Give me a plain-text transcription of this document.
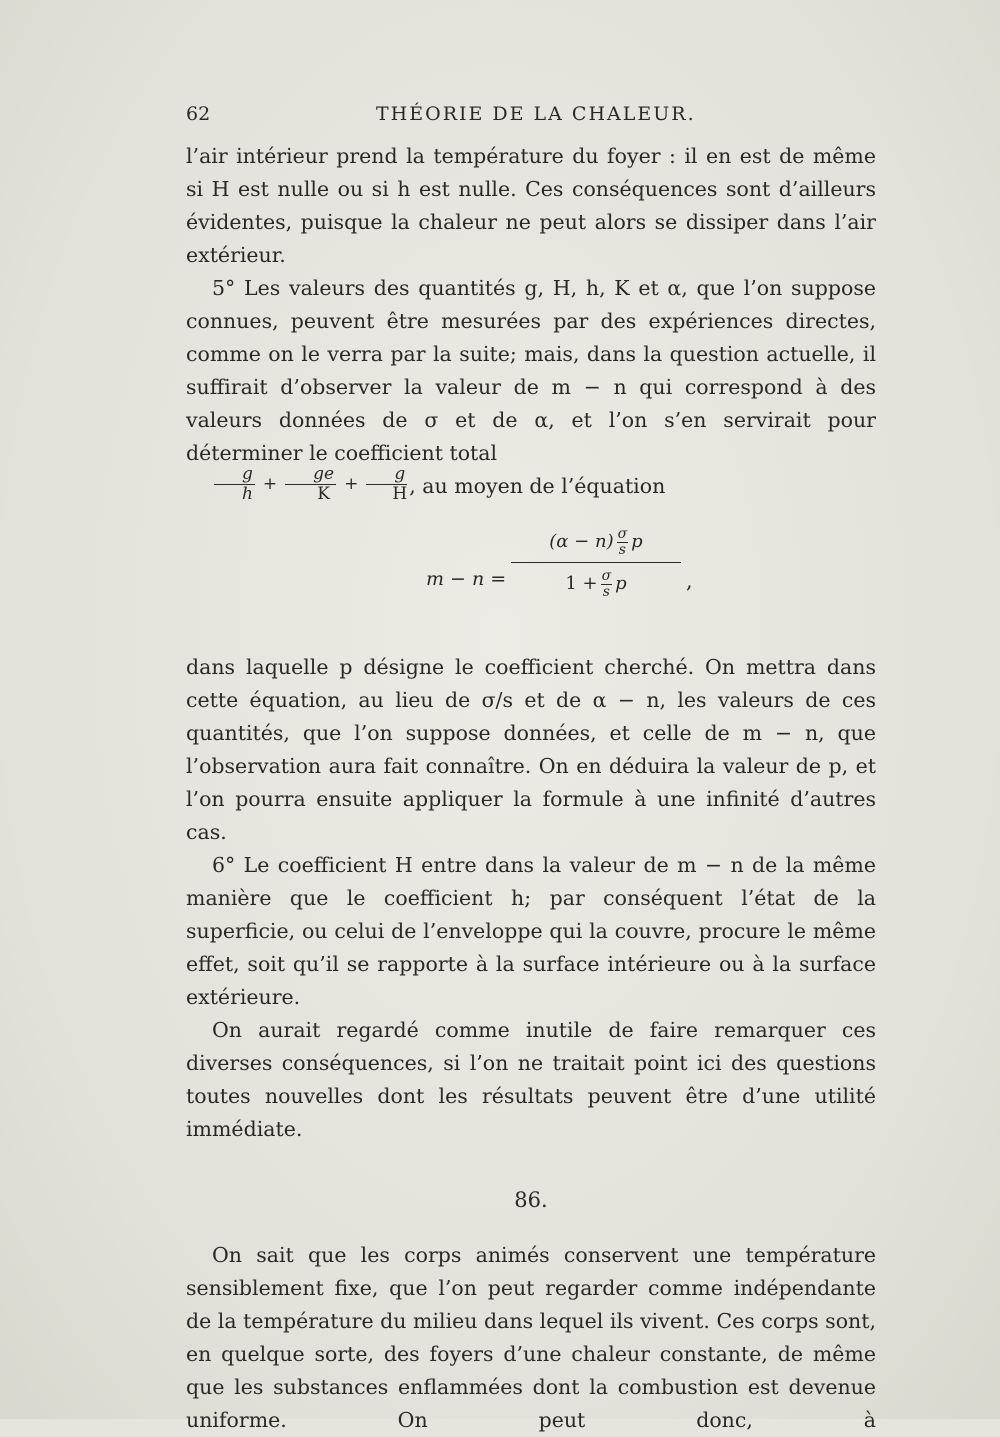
62	THÉORIE DE LA CHALEUR.

l’air intérieur prend la température du foyer : il en est de même si H est nulle ou si h est nulle. Ces conséquences sont d’ailleurs évidentes, puisque la chaleur ne peut alors se dissiper dans l’air extérieur.

5° Les valeurs des quantités g, H, h, K et α, que l’on suppose connues, peuvent être mesurées par des expériences directes, comme on le verra par la suite; mais, dans la question actuelle, il suffirait d’observer la valeur de m − n qui correspond à des valeurs données de σ et de α, et l’on s’en servirait pour déterminer le coefficient total

$\frac{g}{h} + \frac{ge}{K} + \frac{g}{H}$ , au moyen de l’équation

m − n =
$(\alpha - n) \frac{\sigma}{s}$ p
$1 + \frac{\sigma}{s}$ p	,

dans laquelle p désigne le coefficient cherché. On mettra dans cette équation, au lieu de σ/s et de α − n, les valeurs de ces quantités, que l’on suppose données, et celle de m − n, que l’observation aura fait connaître. On en déduira la valeur de p, et l’on pourra ensuite appliquer la formule à une infinité d’autres cas.

6° Le coefficient H entre dans la valeur de m − n de la même manière que le coefficient h; par conséquent l’état de la superficie, ou celui de l’enveloppe qui la couvre, procure le même effet, soit qu’il se rapporte à la surface intérieure ou à la surface extérieure.

On aurait regardé comme inutile de faire remarquer ces diverses conséquences, si l’on ne traitait point ici des questions toutes nouvelles dont les résultats peuvent être d’une utilité immédiate.

86.

On sait que les corps animés conservent une température sensiblement fixe, que l’on peut regarder comme indépendante de la température du milieu dans lequel ils vivent. Ces corps sont, en quelque sorte, des foyers d’une chaleur constante, de même que les substances enflammées dont la combustion est devenue uniforme. On peut donc, à
